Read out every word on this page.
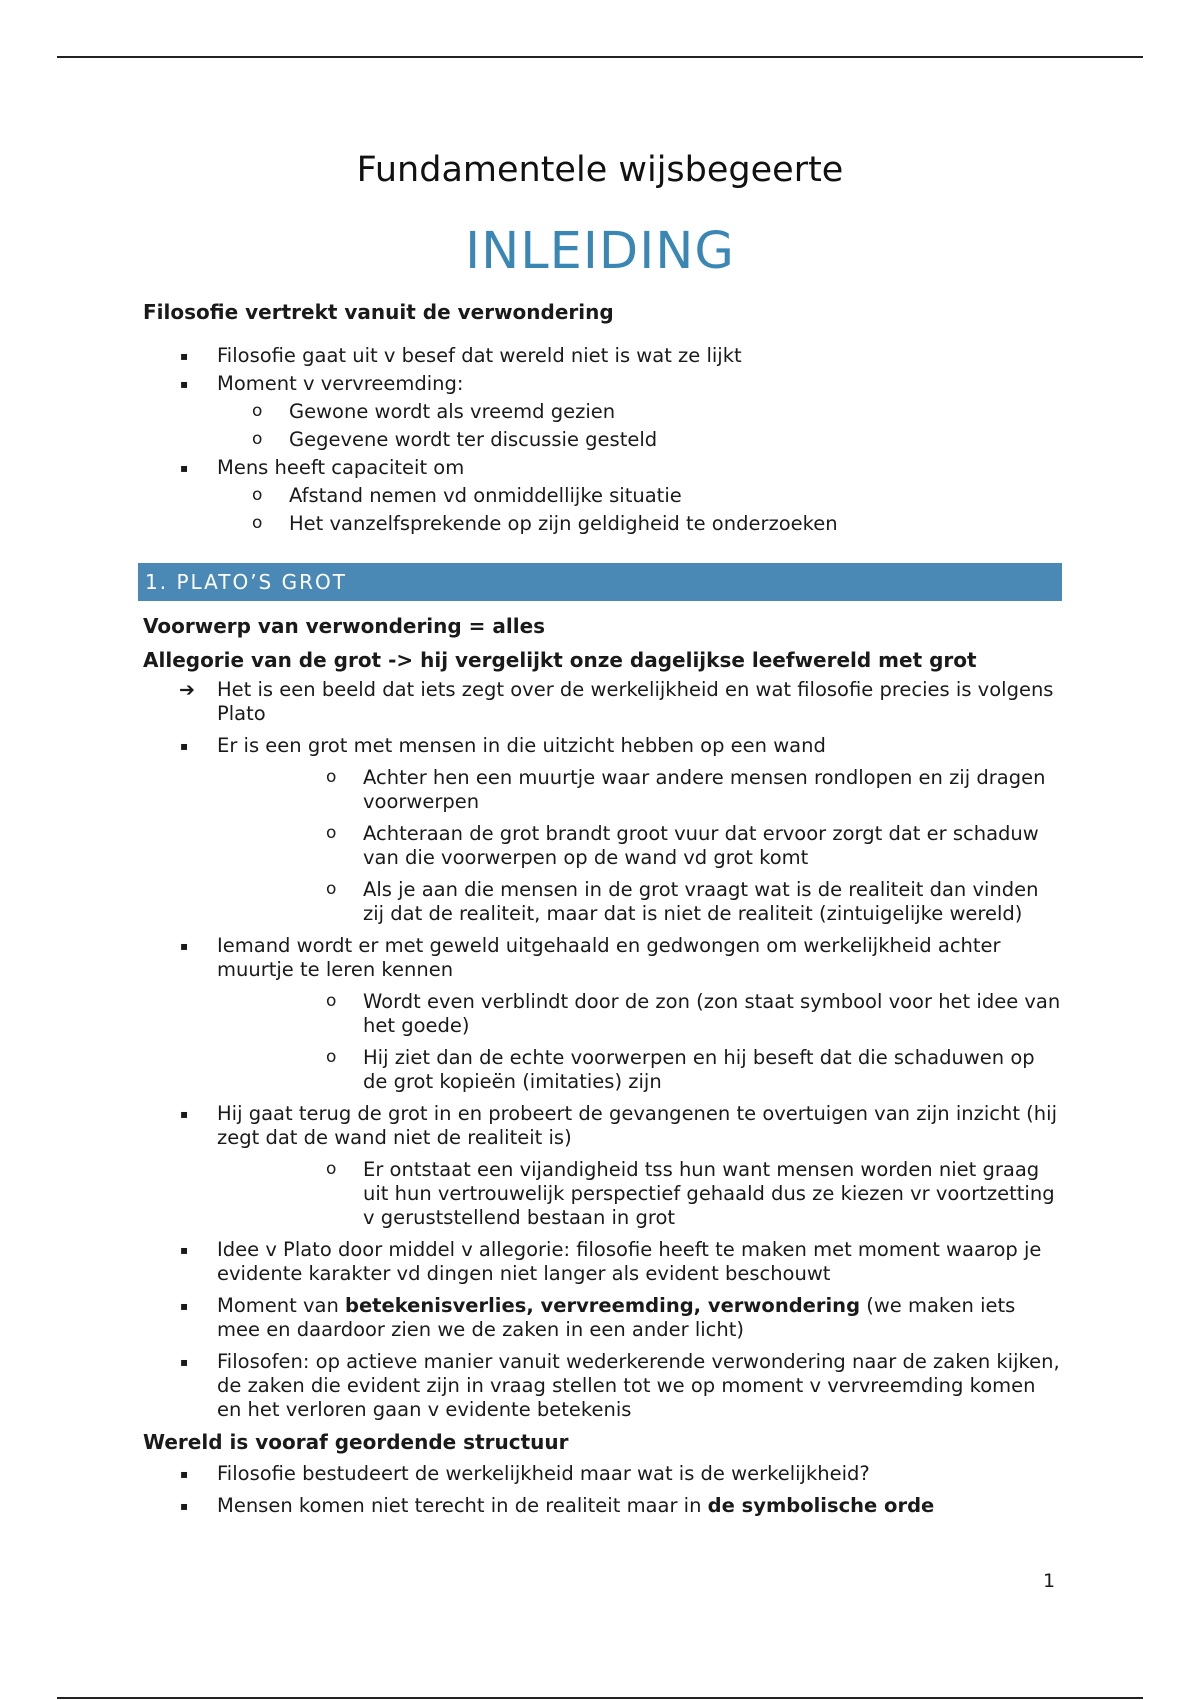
Fundamentele wijsbegeerte
INLEIDING

Filosofie vertrekt vanuit de verwondering

▪	Filosofie gaat uit v besef dat wereld niet is wat ze lijkt
▪	Moment v vervreemding:
o	Gewone wordt als vreemd gezien
o	Gegevene wordt ter discussie gesteld
▪	Mens heeft capaciteit om
o	Afstand nemen vd onmiddellijke situatie
o	Het vanzelfsprekende op zijn geldigheid te onderzoeken
1. PLATO’S GROT

Voorwerp van verwondering = alles

Allegorie van de grot -> hij vergelijkt onze dagelijkse leefwereld met grot

➔ Het is een beeld dat iets zegt over de werkelijkheid en wat filosofie precies is volgens Plato
▪	Er is een grot met mensen in die uitzicht hebben op een wand
o	Achter hen een muurtje waar andere mensen rondlopen en zij dragen voorwerpen
o	Achteraan de grot brandt groot vuur dat ervoor zorgt dat er schaduw van die voorwerpen op de wand vd grot komt
o	Als je aan die mensen in de grot vraagt wat is de realiteit dan vinden zij dat de realiteit, maar dat is niet de realiteit (zintuigelijke wereld)
▪	Iemand wordt er met geweld uitgehaald en gedwongen om werkelijkheid achter muurtje te leren kennen
o	Wordt even verblindt door de zon (zon staat symbool voor het idee van het goede)
o	Hij ziet dan de echte voorwerpen en hij beseft dat die schaduwen op de grot kopieën (imitaties) zijn
▪	Hij gaat terug de grot in en probeert de gevangenen te overtuigen van zijn inzicht (hij zegt dat de wand niet de realiteit is)
o	Er ontstaat een vijandigheid tss hun want mensen worden niet graag uit hun vertrouwelijk perspectief gehaald dus ze kiezen vr voortzetting v geruststellend bestaan in grot
▪	Idee v Plato door middel v allegorie: filosofie heeft te maken met moment waarop je evidente karakter vd dingen niet langer als evident beschouwt
▪	Moment van betekenisverlies, vervreemding, verwondering (we maken iets mee en daardoor zien we de zaken in een ander licht)
▪	Filosofen: op actieve manier vanuit wederkerende verwondering naar de zaken kijken, de zaken die evident zijn in vraag stellen tot we op moment v vervreemding komen en het verloren gaan v evidente betekenis

Wereld is vooraf geordende structuur

▪	Filosofie bestudeert de werkelijkheid maar wat is de werkelijkheid?
▪	Mensen komen niet terecht in de realiteit maar in de symbolische orde
1
